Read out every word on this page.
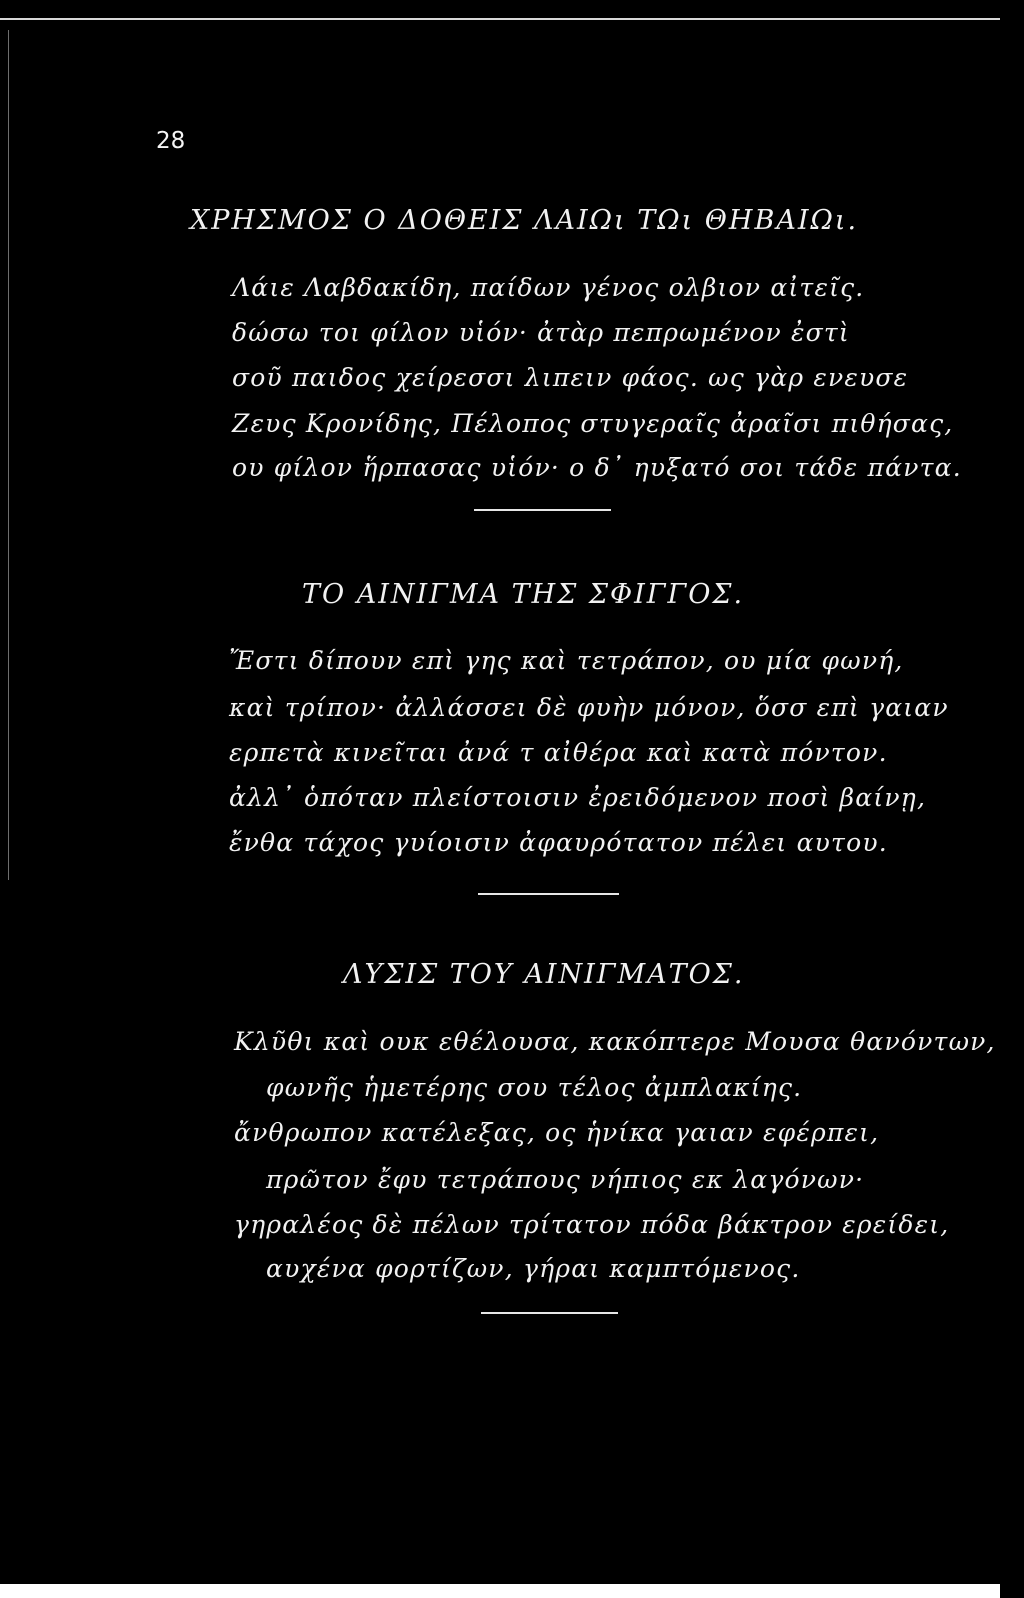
28
ΧΡΗΣΜΟΣ Ο ΔΟΘΕΙΣ ΛΑΙΩι ΤΩι ΘΗΒΑΙΩι.
Λάιε Λαβδακίδη, παίδων γένος ολβιον αἰτεῖς.
δώσω τοι φίλον υἱόν· ἀτὰρ πεπρωμένον ἐστὶ
σοῦ παιδος χείρεσσι λιπειν φάος. ως γὰρ ενευσε
Ζευς Κρονίδης, Πέλοπος στυγεραῖς ἀραῖσι πιθήσας,
ου φίλον ἥρπασας υἱόν· ο δ᾽ ηυξατό σοι τάδε πάντα.
ΤΟ ΑΙΝΙΓΜΑ ΤΗΣ ΣΦΙΓΓΟΣ.
Ἔστι δίπουν επὶ γης καὶ τετράπον, ου μία φωνή,
καὶ τρίπον· ἀλλάσσει δὲ φυὴν μόνον, ὅσσ επὶ γαιαν
ερπετὰ κινεῖται ἀνά τ αἰθέρα καὶ κατὰ πόντον.
ἀλλ᾽ ὁπόταν πλείστοισιν ἐρειδόμενον ποσὶ βαίνῃ,
ἔνθα τάχος γυίοισιν ἀφαυρότατον πέλει αυτου.
ΛΥΣΙΣ ΤΟΥ ΑΙΝΙΓΜΑΤΟΣ.
Κλῦθι καὶ ουκ εθέλουσα, κακόπτερε Μουσα θανόντων,
φωνῆς ἡμετέρης σου τέλος ἀμπλακίης.
ἄνθρωπον κατέλεξας, ος ἡνίκα γαιαν εφέρπει,
πρῶτον ἔφυ τετράπους νήπιος εκ λαγόνων·
γηραλέος δὲ πέλων τρίτατον πόδα βάκτρον ερείδει,
αυχένα φορτίζων, γήραι καμπτόμενος.
